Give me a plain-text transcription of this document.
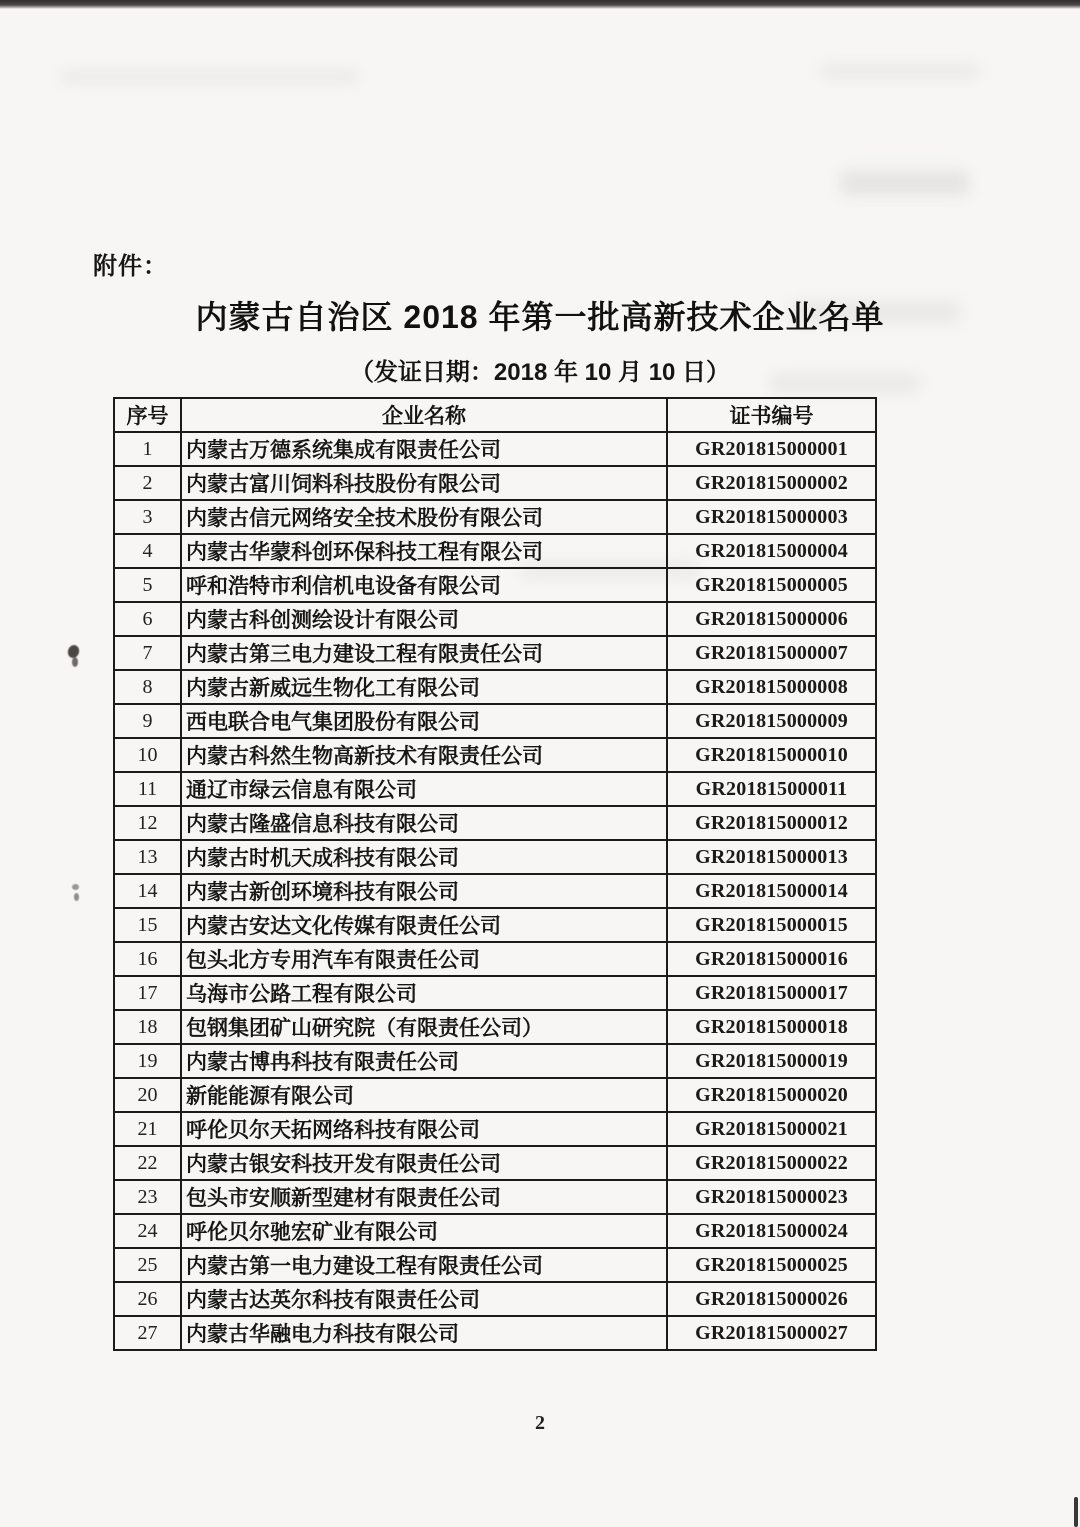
附件：
内蒙古自治区 2018 年第一批高新技术企业名单
（发证日期：2018 年 10 月 10 日）
序号	企业名称	证书编号
1	内蒙古万德系统集成有限责任公司	GR201815000001
2	内蒙古富川饲料科技股份有限公司	GR201815000002
3	内蒙古信元网络安全技术股份有限公司	GR201815000003
4	内蒙古华蒙科创环保科技工程有限公司	GR201815000004
5	呼和浩特市利信机电设备有限公司	GR201815000005
6	内蒙古科创测绘设计有限公司	GR201815000006
7	内蒙古第三电力建设工程有限责任公司	GR201815000007
8	内蒙古新威远生物化工有限公司	GR201815000008
9	西电联合电气集团股份有限公司	GR201815000009
10	内蒙古科然生物高新技术有限责任公司	GR201815000010
11	通辽市绿云信息有限公司	GR201815000011
12	内蒙古隆盛信息科技有限公司	GR201815000012
13	内蒙古时机天成科技有限公司	GR201815000013
14	内蒙古新创环境科技有限公司	GR201815000014
15	内蒙古安达文化传媒有限责任公司	GR201815000015
16	包头北方专用汽车有限责任公司	GR201815000016
17	乌海市公路工程有限公司	GR201815000017
18	包钢集团矿山研究院（有限责任公司）	GR201815000018
19	内蒙古博冉科技有限责任公司	GR201815000019
20	新能能源有限公司	GR201815000020
21	呼伦贝尔天拓网络科技有限公司	GR201815000021
22	内蒙古银安科技开发有限责任公司	GR201815000022
23	包头市安顺新型建材有限责任公司	GR201815000023
24	呼伦贝尔驰宏矿业有限公司	GR201815000024
25	内蒙古第一电力建设工程有限责任公司	GR201815000025
26	内蒙古达英尔科技有限责任公司	GR201815000026
27	内蒙古华融电力科技有限公司	GR201815000027
2
